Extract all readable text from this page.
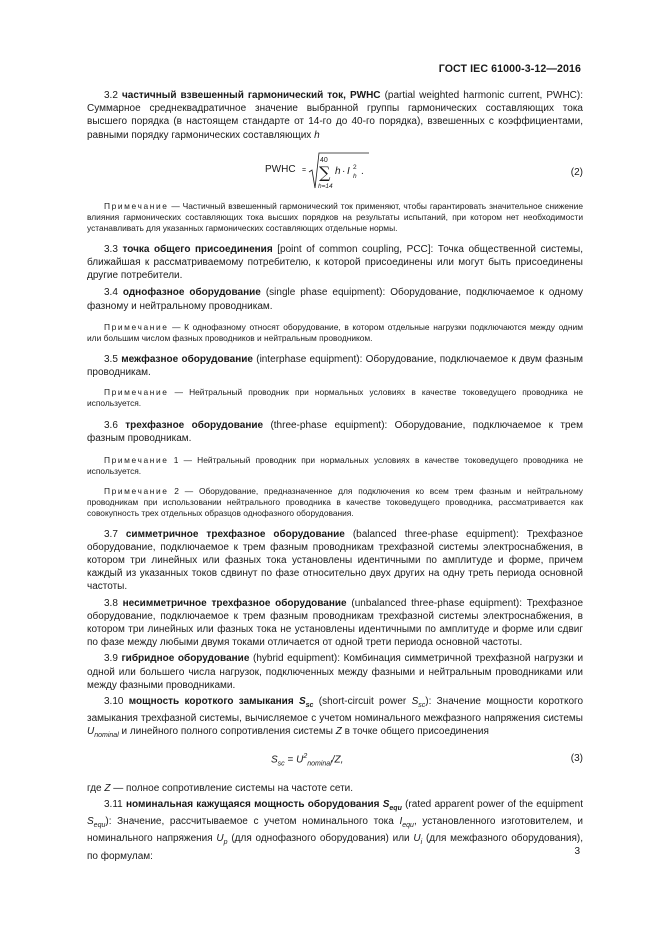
ГОСТ IEC 61000-3-12—2016

3.2 частичный взвешенный гармонический ток, PWHC (partial weighted harmonic current, PWHC): Суммарное среднеквадратичное значение выбранной группы гармонических составляющих тока высшего порядка (в настоящем стандарте от 14-го до 40-го порядка), взвешенных с коэффициентами, равными порядку гармонических составляющих h

PWHC =
40
∑
h=14
h · I 2
h .	(2)

Примечание — Частичный взвешенный гармонический ток применяют, чтобы гарантировать значительное снижение влияния гармонических составляющих тока высших порядков на результаты испытаний, при котором нет необходимости устанавливать для указанных гармонических составляющих отдельные нормы.

3.3 точка общего присоединения [point of common coupling, PCC]: Точка общественной системы, ближайшая к рассматриваемому потребителю, к которой присоединены или могут быть присоединены другие потребители.

3.4 однофазное оборудование (single phase equipment): Оборудование, подключаемое к одному фазному и нейтральному проводникам.

Примечание — К однофазному относят оборудование, в котором отдельные нагрузки подключаются между одним или большим числом фазных проводников и нейтральным проводником.

3.5 межфазное оборудование (interphase equipment): Оборудование, подключаемое к двум фазным проводникам.

Примечание — Нейтральный проводник при нормальных условиях в качестве токоведущего проводника не используется.

3.6 трехфазное оборудование (three-phase equipment): Оборудование, подключаемое к трем фазным проводникам.

Примечание 1 — Нейтральный проводник при нормальных условиях в качестве токоведущего проводника не используется.

Примечание 2 — Оборудование, предназначенное для подключения ко всем трем фазным и нейтральному проводникам при использовании нейтрального проводника в качестве токоведущего проводника, рассматривается как совокупность трех отдельных образцов однофазного оборудования.

3.7 симметричное трехфазное оборудование (balanced three-phase equipment): Трехфазное оборудование, подключаемое к трем фазным проводникам трехфазной системы электроснабжения, в котором три линейных или фазных тока установлены идентичными по амплитуде и форме, причем каждый из указанных токов сдвинут по фазе относительно двух других на одну треть периода основной частоты.

3.8 несимметричное трехфазное оборудование (unbalanced three-phase equipment): Трехфазное оборудование, подключаемое к трем фазным проводникам трехфазной системы электроснабжения, в котором три линейных или фазных тока не установлены идентичными по амплитуде и форме или сдвиг по фазе между любыми двумя токами отличается от одной трети периода основной частоты.

3.9 гибридное оборудование (hybrid equipment): Комбинация симметричной трехфазной нагрузки и одной или большего числа нагрузок, подключенных между фазными и нейтральным проводниками или между фазными проводниками.

3.10 мощность короткого замыкания $S_{sc}$ (short-circuit power $S_{sc}$): Значение мощности короткого замыкания трехфазной системы, вычисляемое с учетом номинального межфазного напряжения системы $U_{nominal}$ и линейного полного сопротивления системы Z в точке общего присоединения

$S_{sc} = U^2_{nominal}/Z$,	(3)

где Z — полное сопротивление системы на частоте сети.

3.11 номинальная кажущаяся мощность оборудования $S_{equ}$ (rated apparent power of the equipment $S_{equ}$): Значение, рассчитываемое с учетом номинального тока $I_{equ}$, установленного изготовителем, и номинального напряжения $U_p$ (для однофазного оборудования) или $U_i$ (для межфазного оборудования), по формулам:	3
